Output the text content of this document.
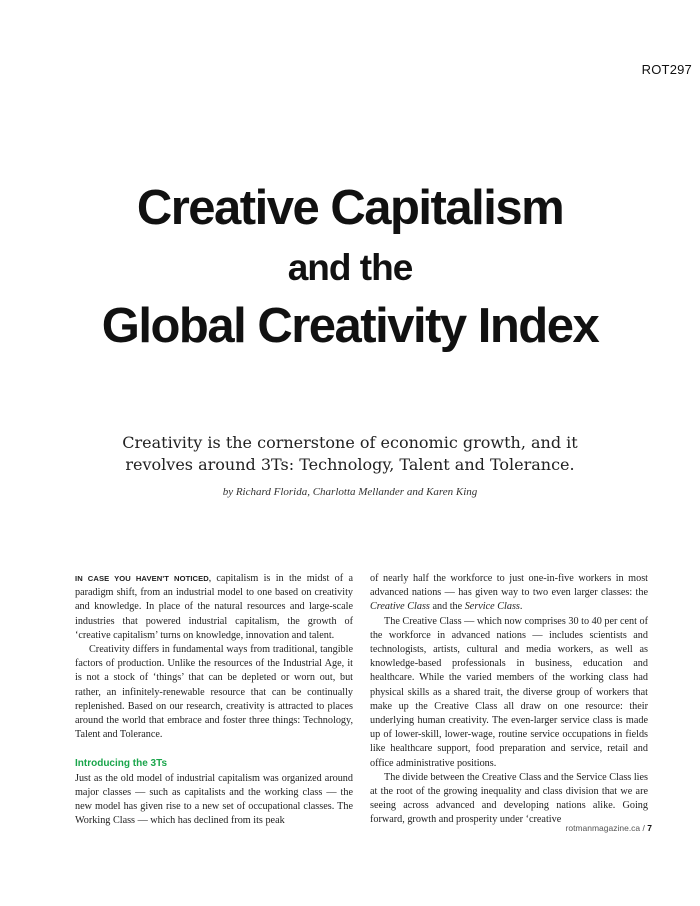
ROT297
Creative Capitalism
and the
Global Creativity Index

Creativity is the cornerstone of economic growth, and it revolves around 3Ts: Technology, Talent and Tolerance.

by Richard Florida, Charlotta Mellander and Karen King

IN CASE YOU HAVEN'T NOTICED, capitalism is in the midst of a paradigm shift, from an industrial model to one based on creativity and knowledge. In place of the natural resources and large-scale industries that powered industrial capitalism, the growth of ‘creative capitalism’ turns on knowledge, innovation and talent.

Creativity differs in fundamental ways from traditional, tangible factors of production. Unlike the resources of the Industrial Age, it is not a stock of ‘things’ that can be depleted or worn out, but rather, an infinitely-renewable resource that can be continually replenished. Based on our research, creativity is attracted to places around the world that embrace and foster three things: Technology, Talent and Tolerance.

Introducing the 3Ts

Just as the old model of industrial capitalism was organized around major classes — such as capitalists and the working class — the new model has given rise to a new set of occupational classes. The Working Class — which has declined from its peak

of nearly half the workforce to just one-in-five workers in most advanced nations — has given way to two even larger classes: the Creative Class and the Service Class.

The Creative Class — which now comprises 30 to 40 per cent of the workforce in advanced nations — includes scientists and technologists, artists, cultural and media workers, as well as knowledge-based professionals in business, education and healthcare. While the varied members of the working class had physical skills as a shared trait, the diverse group of workers that make up the Creative Class all draw on one resource: their underlying human creativity. The even-larger service class is made up of lower-skill, lower-wage, routine service occupations in fields like healthcare support, food preparation and service, retail and office administrative positions.

The divide between the Creative Class and the Service Class lies at the root of the growing inequality and class division that we are seeing across advanced and developing nations alike. Going forward, growth and prosperity under ‘creative

rotmanmagazine.ca / 7
